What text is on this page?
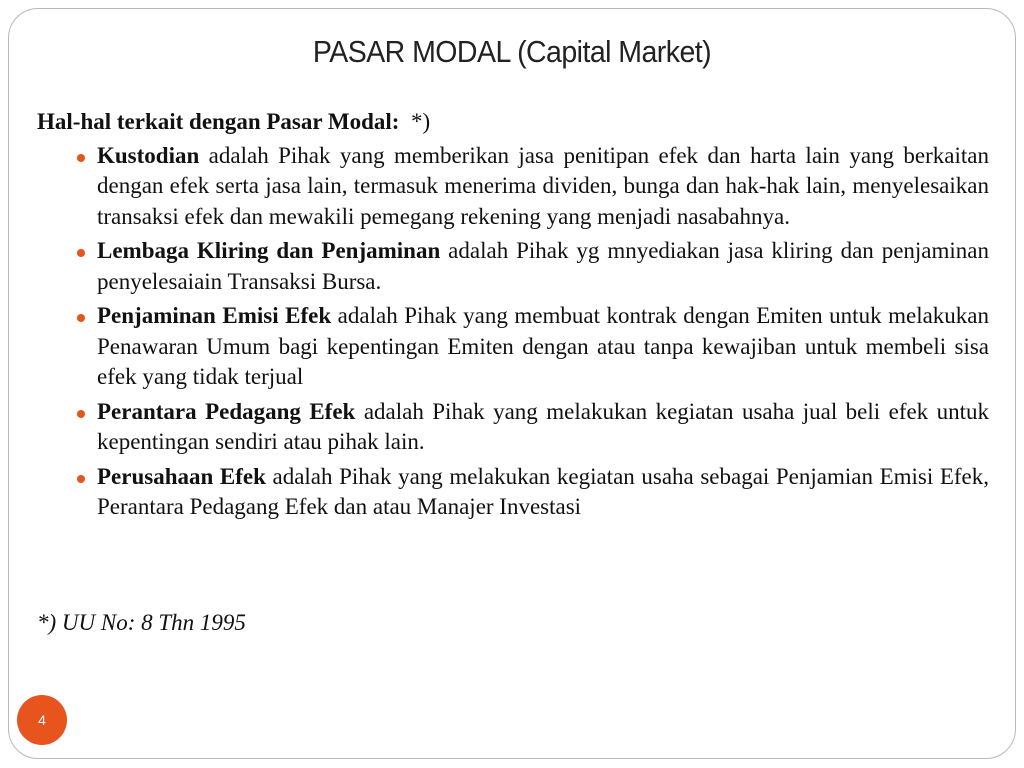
PASAR MODAL (Capital Market)

Hal-hal terkait dengan Pasar Modal: *)

Kustodian adalah Pihak yang memberikan jasa penitipan efek dan harta lain yang berkaitan dengan efek serta jasa lain, termasuk menerima dividen, bunga dan hak-hak lain, menyelesaikan transaksi efek dan mewakili pemegang rekening yang menjadi nasabahnya.
Lembaga Kliring dan Penjaminan adalah Pihak yg mnyediakan jasa kliring dan penjaminan penyelesaiain Transaksi Bursa.
Penjaminan Emisi Efek adalah Pihak yang membuat kontrak dengan Emiten untuk melakukan Penawaran Umum bagi kepentingan Emiten dengan atau tanpa kewajiban untuk membeli sisa efek yang tidak terjual
Perantara Pedagang Efek adalah Pihak yang melakukan kegiatan usaha jual beli efek untuk kepentingan sendiri atau pihak lain.
Perusahaan Efek adalah Pihak yang melakukan kegiatan usaha sebagai Penjamian Emisi Efek, Perantara Pedagang Efek dan atau Manajer Investasi
*) UU No: 8 Thn 1995
4
